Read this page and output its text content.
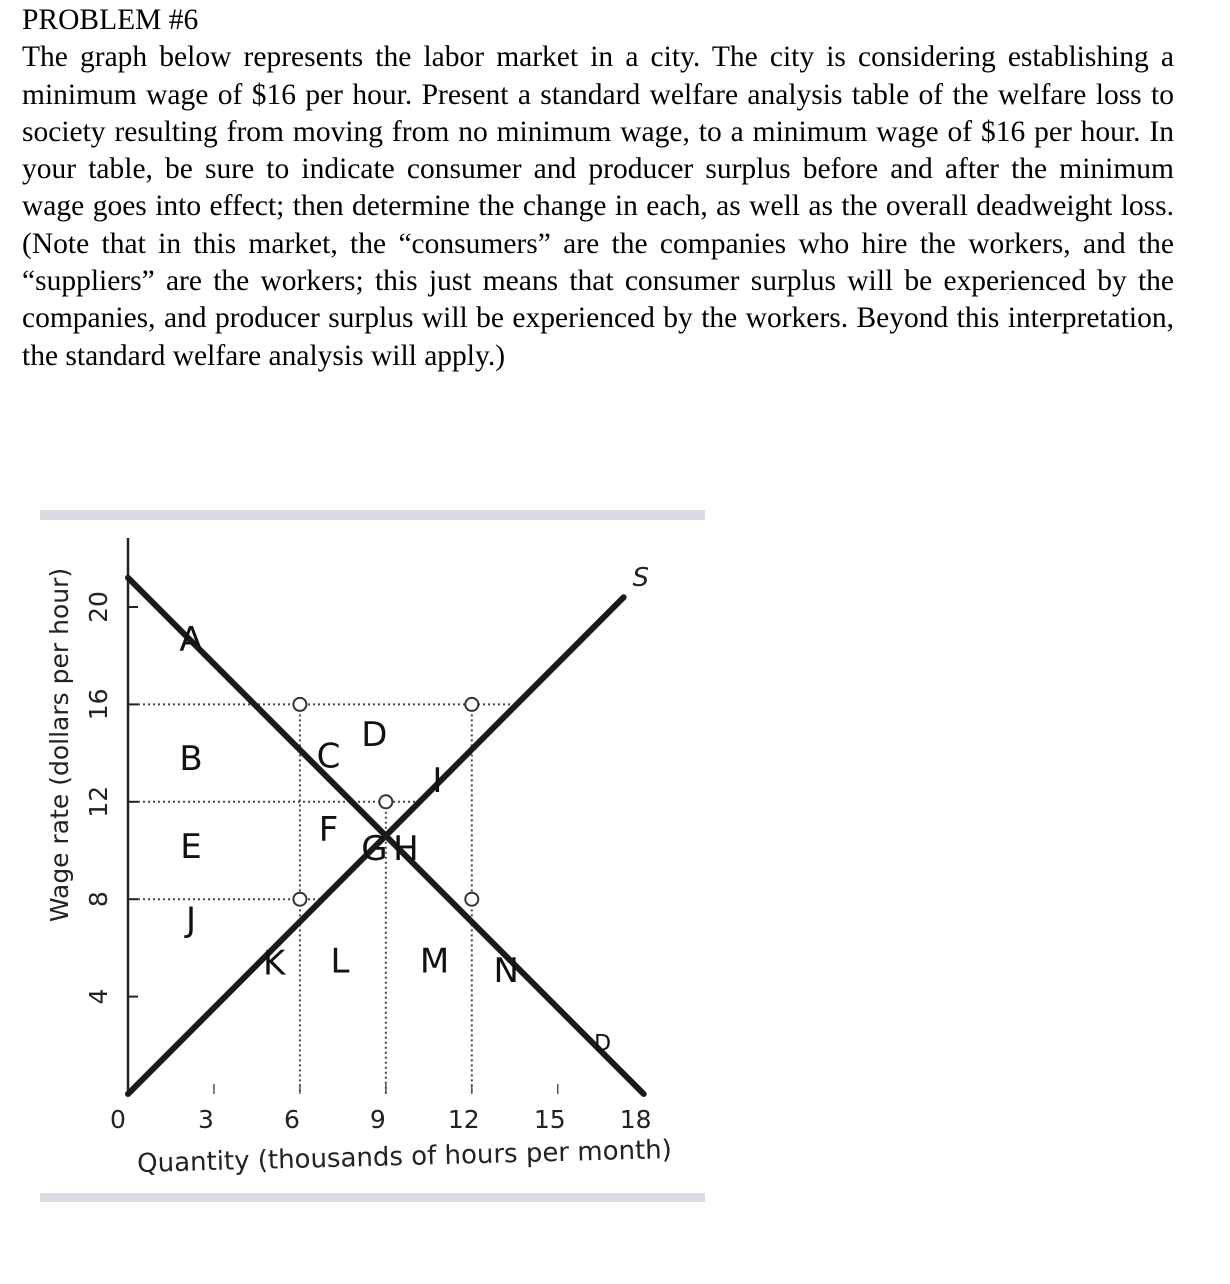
PROBLEM #6
The graph below represents the labor market in a city. The city is considering establishing a minimum wage of $16 per hour. Present a standard welfare analysis table of the welfare loss to society resulting from moving from no minimum wage, to a minimum wage of $16 per hour. In your table, be sure to indicate consumer and producer surplus before and after the minimum wage goes into effect; then determine the change in each, as well as the overall deadweight loss. (Note that in this market, the “consumers” are the companies who hire the workers, and the “suppliers” are the workers; this just means that consumer surplus will be experienced by the companies, and producer surplus will be experienced by the workers. Beyond this interpretation, the standard welfare analysis will apply.)
20
16
12
8
4
0	3	6	9 12 15 18
S
D
A
B	C
D
I
F G H
E
J
K L M N
Quantity (thousands of hours per month)
Wage rate (dollars per hour)
